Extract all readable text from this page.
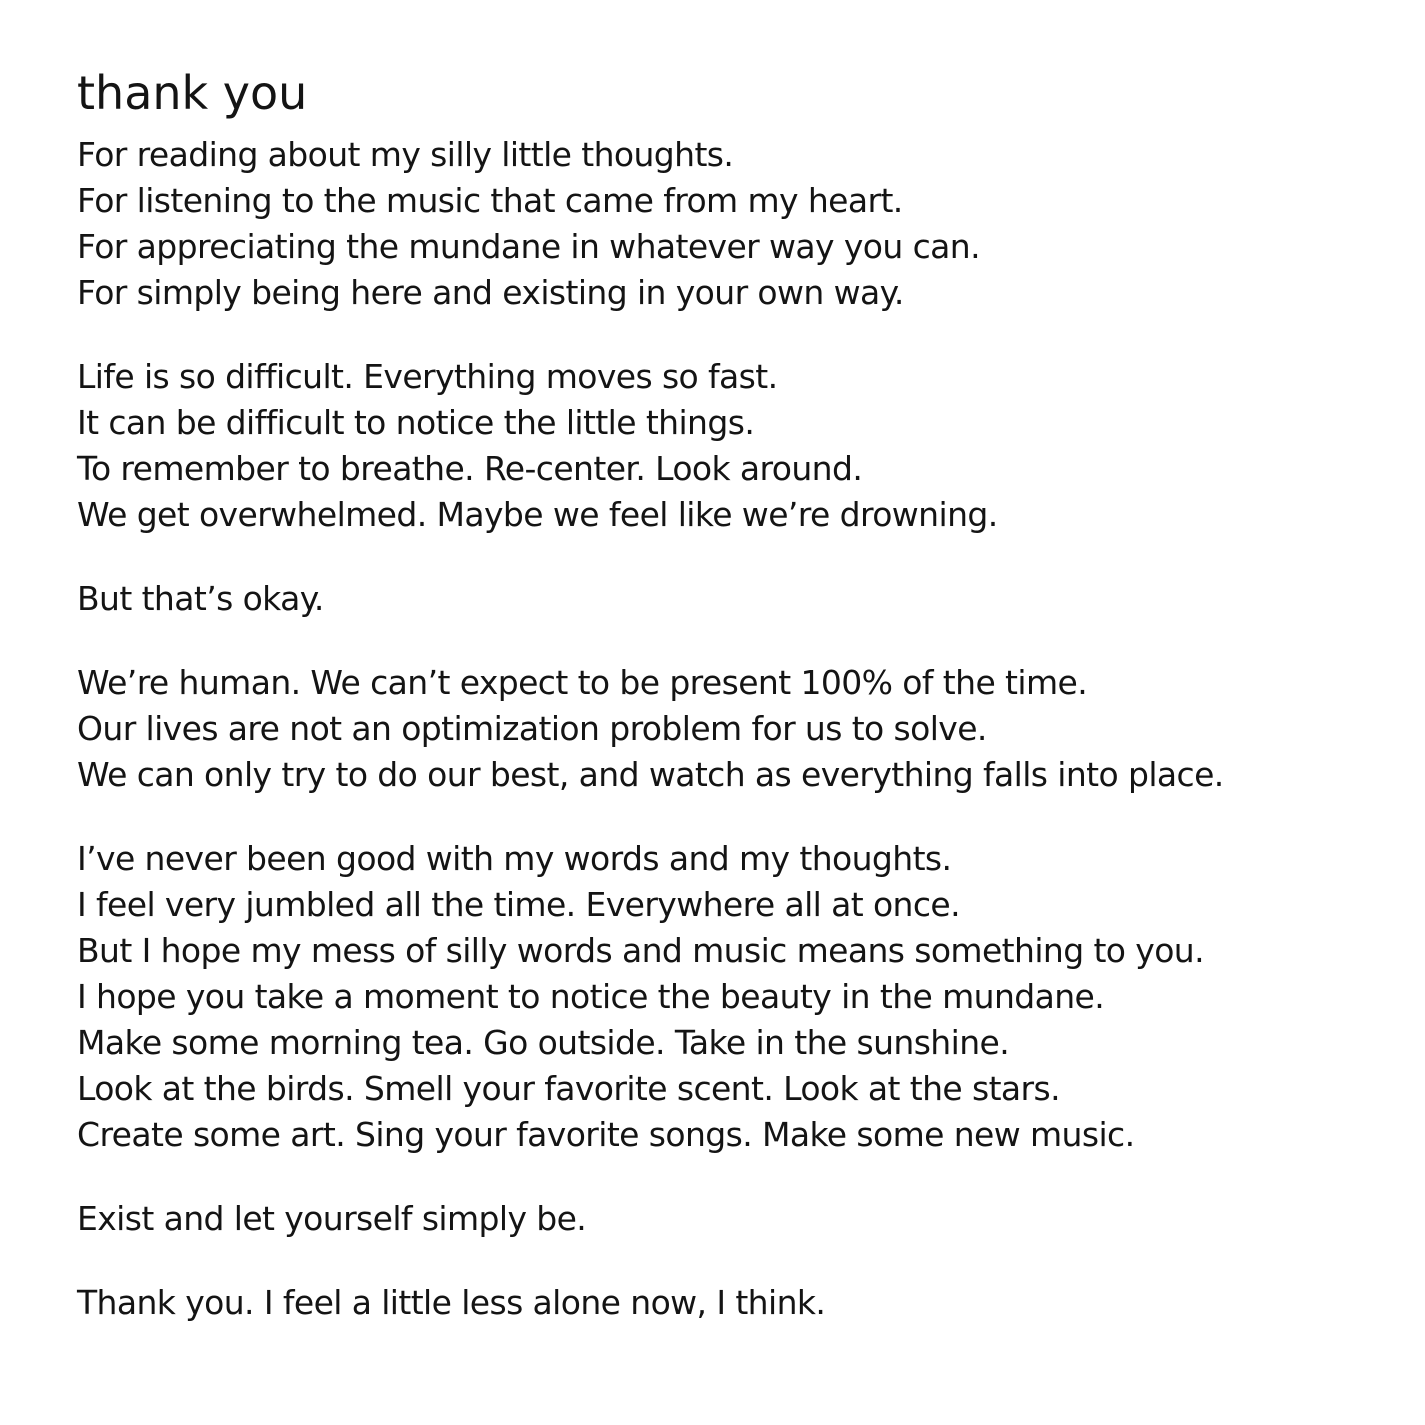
thank you
For reading about my silly little thoughts.
For listening to the music that came from my heart.
For appreciating the mundane in whatever way you can.
For simply being here and existing in your own way.
Life is so difficult. Everything moves so fast.
It can be difficult to notice the little things.
To remember to breathe. Re-center. Look around.
We get overwhelmed. Maybe we feel like we’re drowning.
But that’s okay.
We’re human. We can’t expect to be present 100% of the time.
Our lives are not an optimization problem for us to solve.
We can only try to do our best, and watch as everything falls into place.
I’ve never been good with my words and my thoughts.
I feel very jumbled all the time. Everywhere all at once.
But I hope my mess of silly words and music means something to you.
I hope you take a moment to notice the beauty in the mundane.
Make some morning tea. Go outside. Take in the sunshine.
Look at the birds. Smell your favorite scent. Look at the stars.
Create some art. Sing your favorite songs. Make some new music.
Exist and let yourself simply be.
Thank you. I feel a little less alone now, I think.
